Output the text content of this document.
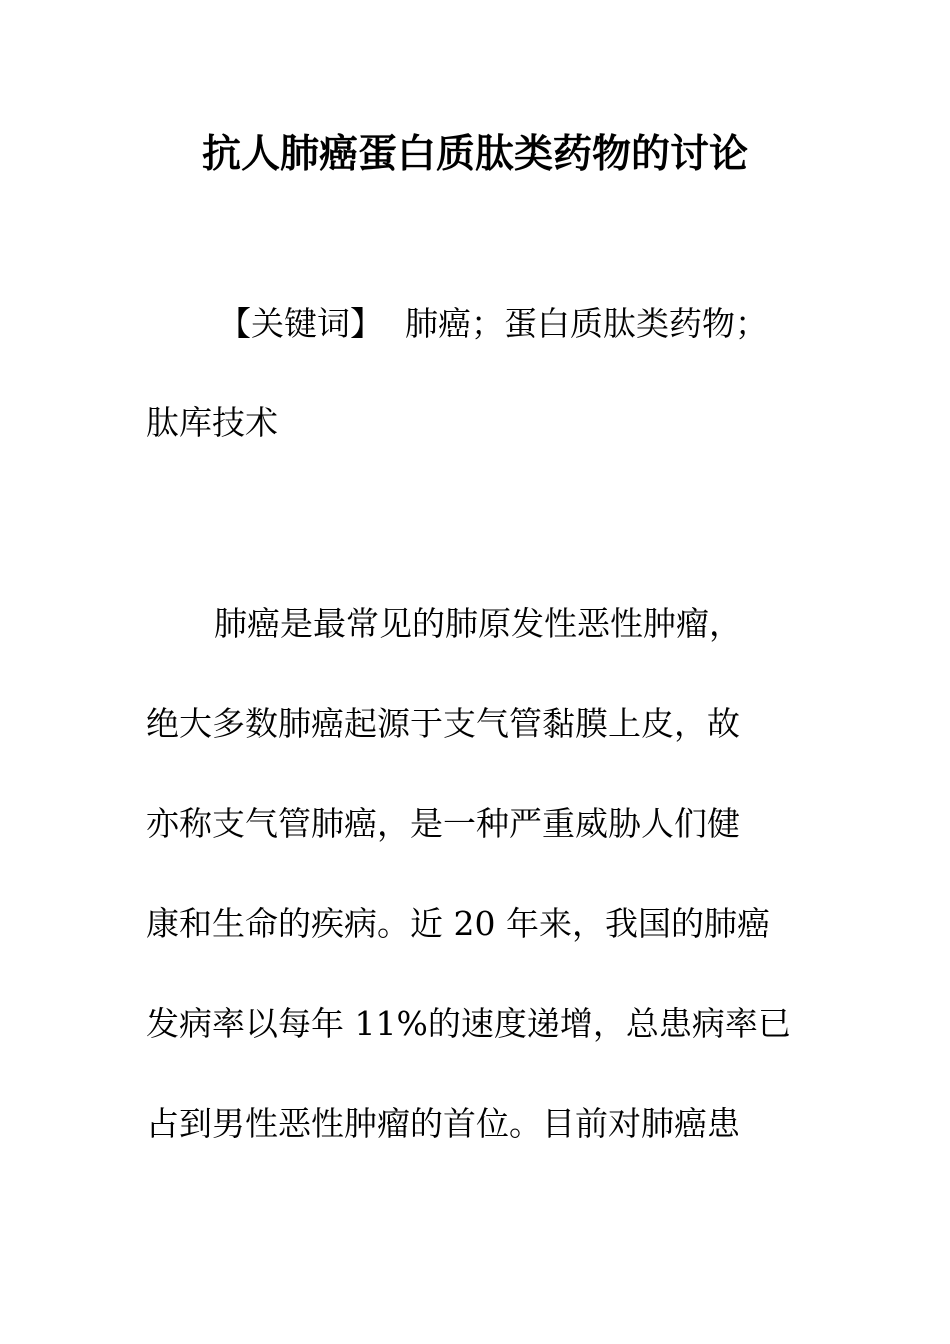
抗人肺癌蛋白质肽类药物的讨论
【关键词】 肺癌；蛋白质肽类药物；
肽库技术
肺癌是最常见的肺原发性恶性肿瘤，
绝大多数肺癌起源于支气管黏膜上皮，故
亦称支气管肺癌，是一种严重威胁人们健
康和生命的疾病。近 20 年来，我国的肺癌
发病率以每年 11%的速度递增，总患病率已
占到男性恶性肿瘤的首位。目前对肺癌患
